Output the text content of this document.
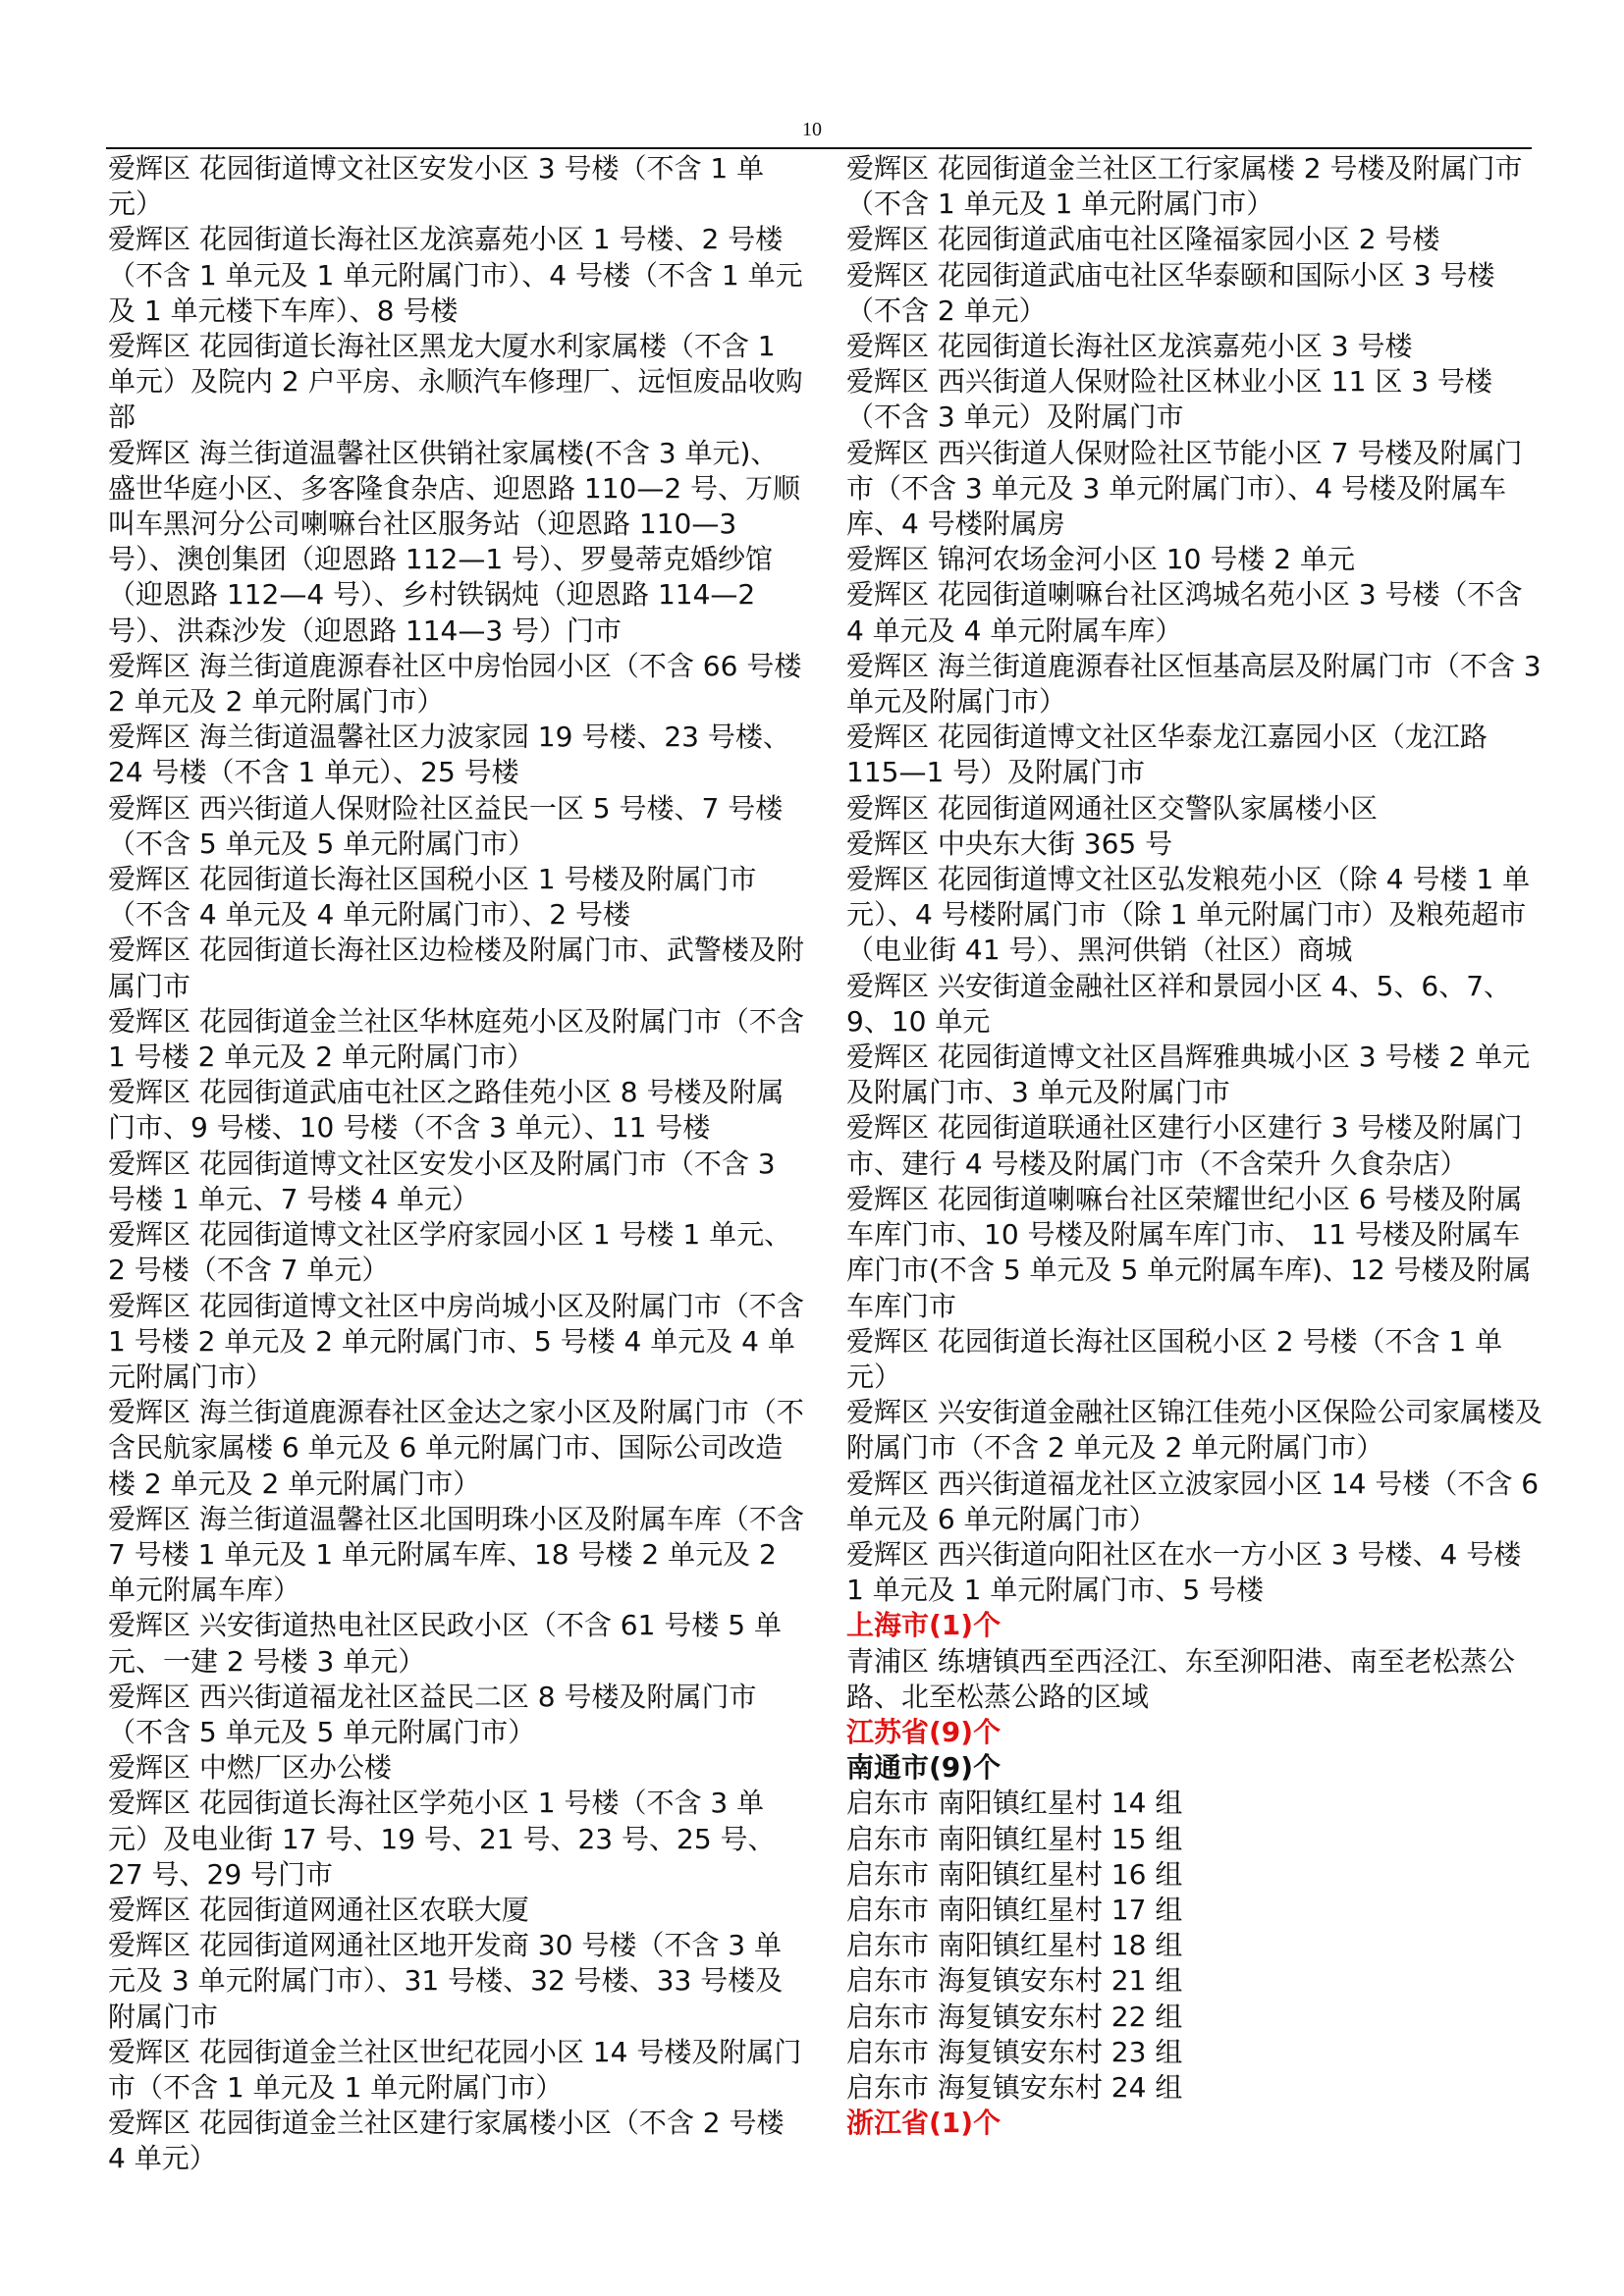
10

爱辉区 花园街道博文社区安发小区 3 号楼（不含 1 单元）

爱辉区 花园街道长海社区龙滨嘉苑小区 1 号楼、2 号楼（不含 1 单元及 1 单元附属门市）、4 号楼（不含 1 单元及 1 单元楼下车库）、8 号楼

爱辉区 花园街道长海社区黑龙大厦水利家属楼（不含 1 单元）及院内 2 户平房、永顺汽车修理厂、远恒废品收购部

爱辉区 海兰街道温馨社区供销社家属楼(不含 3 单元)、盛世华庭小区、多客隆食杂店、迎恩路 110—2 号、万顺叫车黑河分公司喇嘛台社区服务站（迎恩路 110—3 号）、澳创集团（迎恩路 112—1 号）、罗曼蒂克婚纱馆（迎恩路 112—4 号）、乡村铁锅炖（迎恩路 114—2 号）、洪森沙发（迎恩路 114—3 号）门市

爱辉区 海兰街道鹿源春社区中房怡园小区（不含 66 号楼 2 单元及 2 单元附属门市）

爱辉区 海兰街道温馨社区力波家园 19 号楼、23 号楼、24 号楼（不含 1 单元）、25 号楼

爱辉区 西兴街道人保财险社区益民一区 5 号楼、7 号楼（不含 5 单元及 5 单元附属门市）

爱辉区 花园街道长海社区国税小区 1 号楼及附属门市（不含 4 单元及 4 单元附属门市）、2 号楼

爱辉区 花园街道长海社区边检楼及附属门市、武警楼及附属门市

爱辉区 花园街道金兰社区华林庭苑小区及附属门市（不含 1 号楼 2 单元及 2 单元附属门市）

爱辉区 花园街道武庙屯社区之路佳苑小区 8 号楼及附属门市、9 号楼、10 号楼（不含 3 单元）、11 号楼

爱辉区 花园街道博文社区安发小区及附属门市（不含 3 号楼 1 单元、7 号楼 4 单元）

爱辉区 花园街道博文社区学府家园小区 1 号楼 1 单元、2 号楼（不含 7 单元）

爱辉区 花园街道博文社区中房尚城小区及附属门市（不含 1 号楼 2 单元及 2 单元附属门市、5 号楼 4 单元及 4 单元附属门市）

爱辉区 海兰街道鹿源春社区金达之家小区及附属门市（不含民航家属楼 6 单元及 6 单元附属门市、国际公司改造楼 2 单元及 2 单元附属门市）

爱辉区 海兰街道温馨社区北国明珠小区及附属车库（不含 7 号楼 1 单元及 1 单元附属车库、18 号楼 2 单元及 2 单元附属车库）

爱辉区 兴安街道热电社区民政小区（不含 61 号楼 5 单元、一建 2 号楼 3 单元）

爱辉区 西兴街道福龙社区益民二区 8 号楼及附属门市（不含 5 单元及 5 单元附属门市）

爱辉区 中燃厂区办公楼

爱辉区 花园街道长海社区学苑小区 1 号楼（不含 3 单元）及电业街 17 号、19 号、21 号、23 号、25 号、27 号、29 号门市

爱辉区 花园街道网通社区农联大厦

爱辉区 花园街道网通社区地开发商 30 号楼（不含 3 单元及 3 单元附属门市）、31 号楼、32 号楼、33 号楼及附属门市

爱辉区 花园街道金兰社区世纪花园小区 14 号楼及附属门市（不含 1 单元及 1 单元附属门市）

爱辉区 花园街道金兰社区建行家属楼小区（不含 2 号楼 4 单元）

爱辉区 花园街道金兰社区工行家属楼 2 号楼及附属门市（不含 1 单元及 1 单元附属门市）

爱辉区 花园街道武庙屯社区隆福家园小区 2 号楼

爱辉区 花园街道武庙屯社区华泰颐和国际小区 3 号楼（不含 2 单元）

爱辉区 花园街道长海社区龙滨嘉苑小区 3 号楼

爱辉区 西兴街道人保财险社区林业小区 11 区 3 号楼（不含 3 单元）及附属门市

爱辉区 西兴街道人保财险社区节能小区 7 号楼及附属门市（不含 3 单元及 3 单元附属门市）、4 号楼及附属车库、4 号楼附属房

爱辉区 锦河农场金河小区 10 号楼 2 单元

爱辉区 花园街道喇嘛台社区鸿城名苑小区 3 号楼（不含 4 单元及 4 单元附属车库）

爱辉区 海兰街道鹿源春社区恒基高层及附属门市（不含 3 单元及附属门市）

爱辉区 花园街道博文社区华泰龙江嘉园小区（龙江路 115—1 号）及附属门市

爱辉区 花园街道网通社区交警队家属楼小区

爱辉区 中央东大街 365 号

爱辉区 花园街道博文社区弘发粮苑小区（除 4 号楼 1 单元）、4 号楼附属门市（除 1 单元附属门市）及粮苑超市（电业街 41 号）、黑河供销（社区）商城

爱辉区 兴安街道金融社区祥和景园小区 4、5、6、7、9、10 单元

爱辉区 花园街道博文社区昌辉雅典城小区 3 号楼 2 单元及附属门市、3 单元及附属门市

爱辉区 花园街道联通社区建行小区建行 3 号楼及附属门市、建行 4 号楼及附属门市（不含荣升 久食杂店）

爱辉区 花园街道喇嘛台社区荣耀世纪小区 6 号楼及附属车库门市、10 号楼及附属车库门市、 11 号楼及附属车库门市(不含 5 单元及 5 单元附属车库)、12 号楼及附属车库门市

爱辉区 花园街道长海社区国税小区 2 号楼（不含 1 单元）

爱辉区 兴安街道金融社区锦江佳苑小区保险公司家属楼及附属门市（不含 2 单元及 2 单元附属门市）

爱辉区 西兴街道福龙社区立波家园小区 14 号楼（不含 6 单元及 6 单元附属门市）

爱辉区 西兴街道向阳社区在水一方小区 3 号楼、4 号楼 1 单元及 1 单元附属门市、5 号楼

上海市(1)个

青浦区 练塘镇西至西泾江、东至泖阳港、南至老松蒸公路、北至松蒸公路的区域

江苏省(9)个

南通市(9)个

启东市 南阳镇红星村 14 组

启东市 南阳镇红星村 15 组

启东市 南阳镇红星村 16 组

启东市 南阳镇红星村 17 组

启东市 南阳镇红星村 18 组

启东市 海复镇安东村 21 组

启东市 海复镇安东村 22 组

启东市 海复镇安东村 23 组

启东市 海复镇安东村 24 组

浙江省(1)个
